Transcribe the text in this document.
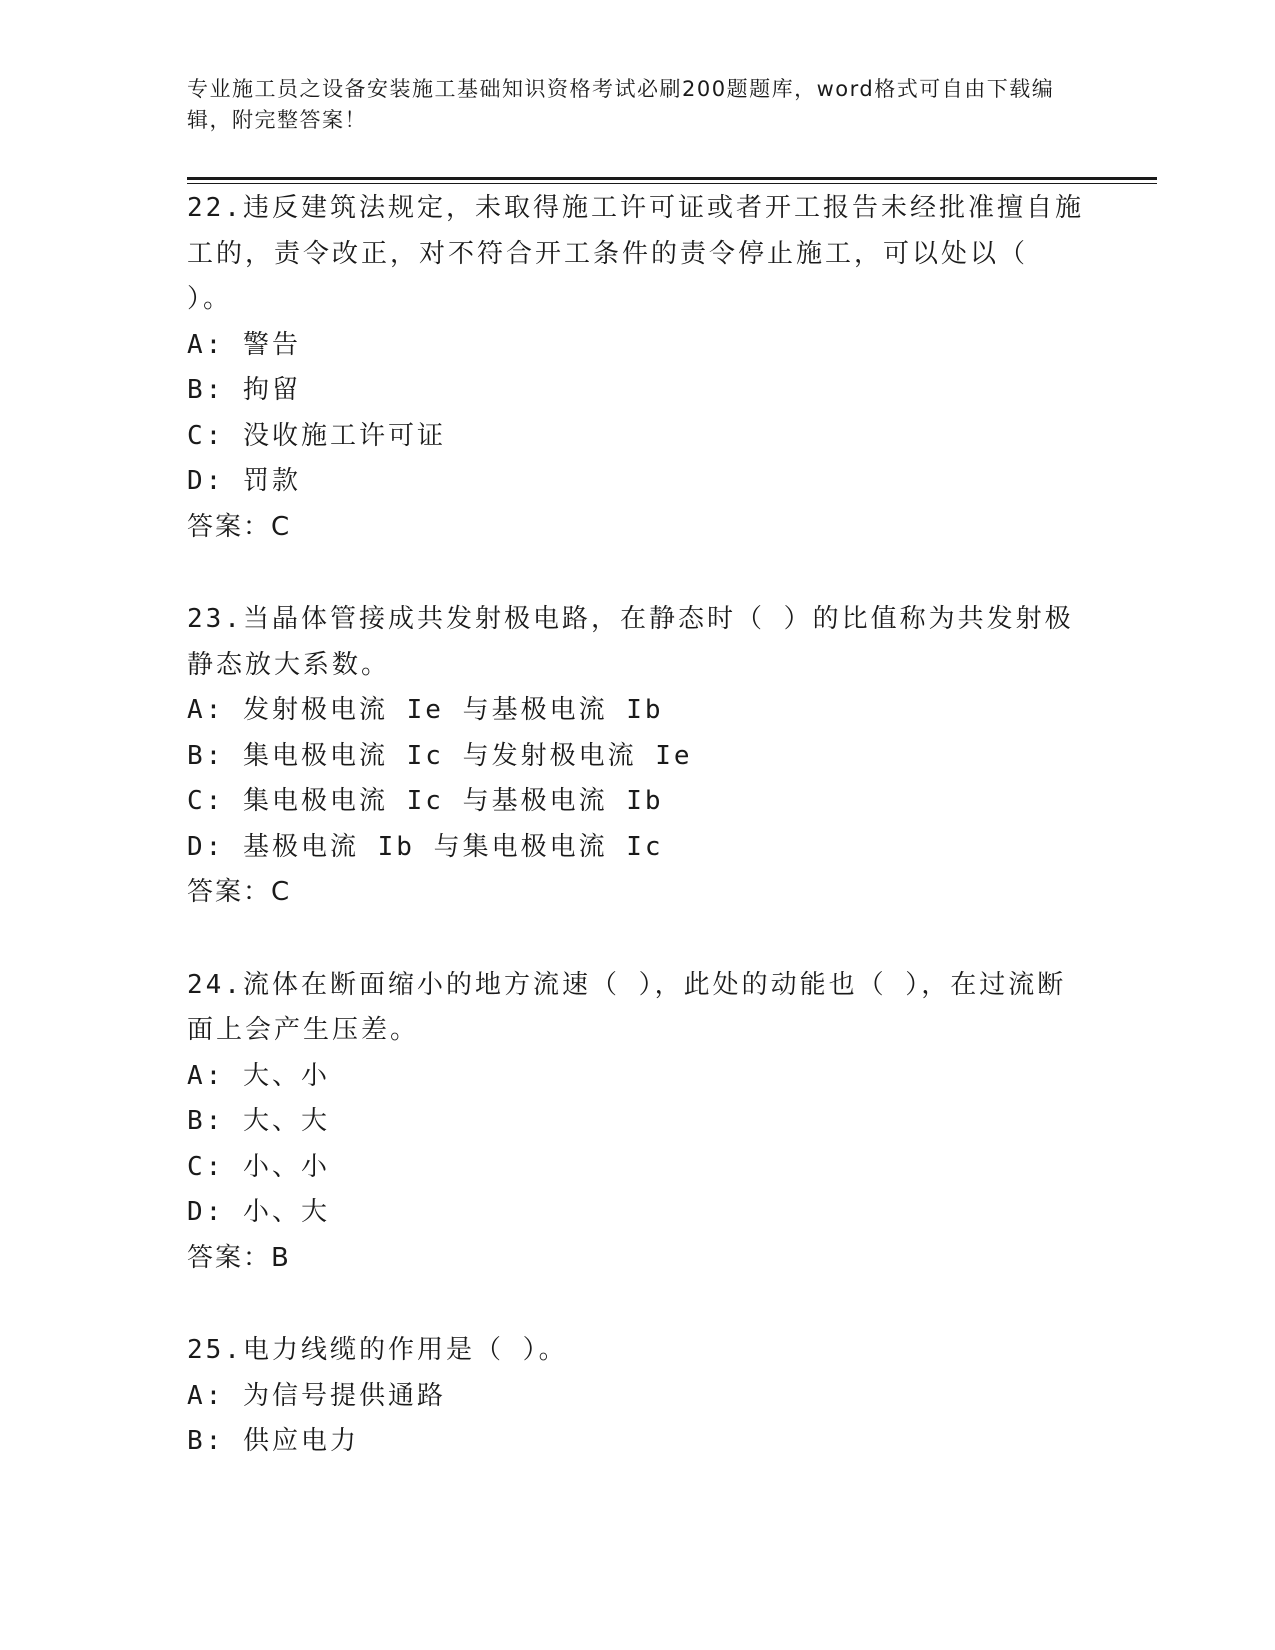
专业施工员之设备安装施工基础知识资格考试必刷200题题库，word格式可自由下载编辑，附完整答案！

22.违反建筑法规定，未取得施工许可证或者开工报告未经批准擅自施工的，责令改正，对不符合开工条件的责令停止施工，可以处以（ ）。

A: 警告

B: 拘留

C: 没收施工许可证

D: 罚款

答案：C

23.当晶体管接成共发射极电路，在静态时（ ）的比值称为共发射极静态放大系数。

A: 发射极电流 Ie 与基极电流 Ib

B: 集电极电流 Ic 与发射极电流 Ie

C: 集电极电流 Ic 与基极电流 Ib

D: 基极电流 Ib 与集电极电流 Ic

答案：C

24.流体在断面缩小的地方流速（ ），此处的动能也（ ），在过流断面上会产生压差。

A: 大、小

B: 大、大

C: 小、小

D: 小、大

答案：B

25.电力线缆的作用是（ ）。

A: 为信号提供通路

B: 供应电力
